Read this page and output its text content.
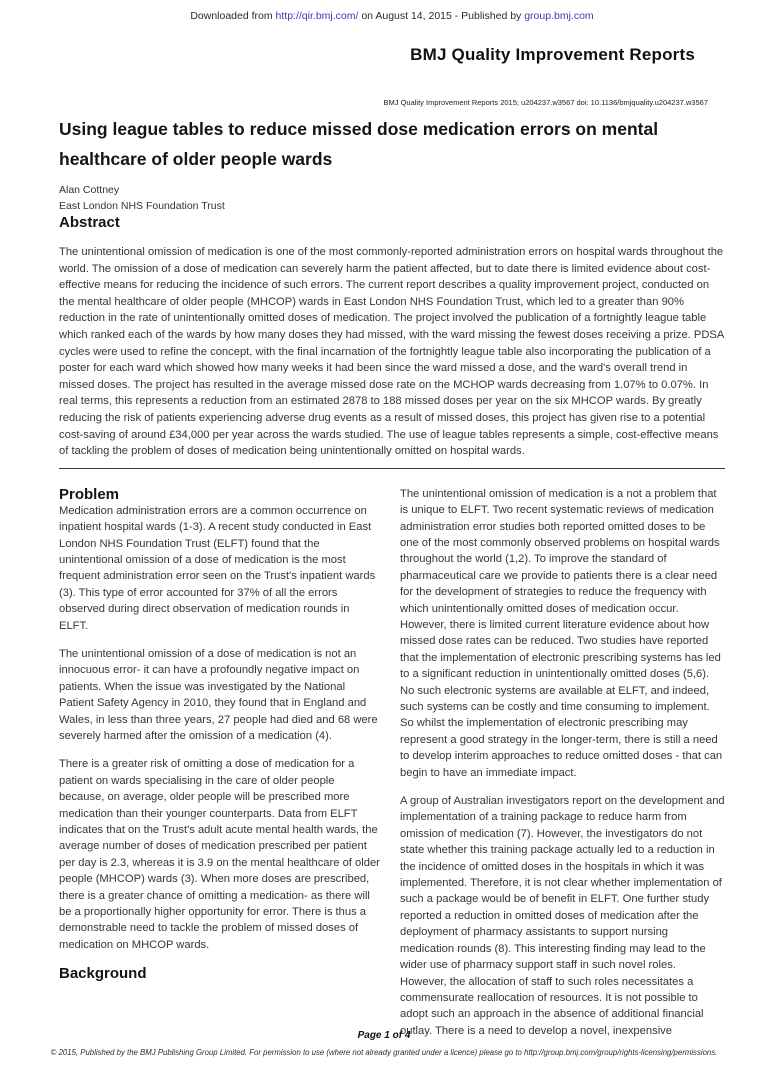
Downloaded from http://qir.bmj.com/ on August 14, 2015 - Published by group.bmj.com
BMJ Quality Improvement Reports
BMJ Quality Improvement Reports 2015; u204237.w3567 doi: 10.1136/bmjquality.u204237.w3567
Using league tables to reduce missed dose medication errors on mental healthcare of older people wards
Alan Cottney
East London NHS Foundation Trust
Abstract
The unintentional omission of medication is one of the most commonly-reported administration errors on hospital wards throughout the world. The omission of a dose of medication can severely harm the patient affected, but to date there is limited evidence about cost-effective means for reducing the incidence of such errors. The current report describes a quality improvement project, conducted on the mental healthcare of older people (MHCOP) wards in East London NHS Foundation Trust, which led to a greater than 90% reduction in the rate of unintentionally omitted doses of medication. The project involved the publication of a fortnightly league table which ranked each of the wards by how many doses they had missed, with the ward missing the fewest doses receiving a prize. PDSA cycles were used to refine the concept, with the final incarnation of the fortnightly league table also incorporating the publication of a poster for each ward which showed how many weeks it had been since the ward missed a dose, and the ward's overall trend in missed doses. The project has resulted in the average missed dose rate on the MCHOP wards decreasing from 1.07% to 0.07%. In real terms, this represents a reduction from an estimated 2878 to 188 missed doses per year on the six MHCOP wards. By greatly reducing the risk of patients experiencing adverse drug events as a result of missed doses, this project has given rise to a potential cost-saving of around £34,000 per year across the wards studied. The use of league tables represents a simple, cost-effective means of tackling the problem of doses of medication being unintentionally omitted on hospital wards.
Problem

Medication administration errors are a common occurrence on inpatient hospital wards (1-3). A recent study conducted in East London NHS Foundation Trust (ELFT) found that the unintentional omission of a dose of medication is the most frequent administration error seen on the Trust's inpatient wards (3). This type of error accounted for 37% of all the errors observed during direct observation of medication rounds in ELFT.

The unintentional omission of a dose of medication is not an innocuous error- it can have a profoundly negative impact on patients. When the issue was investigated by the National Patient Safety Agency in 2010, they found that in England and Wales, in less than three years, 27 people had died and 68 were severely harmed after the omission of a medication (4).

There is a greater risk of omitting a dose of medication for a patient on wards specialising in the care of older people because, on average, older people will be prescribed more medication than their younger counterparts. Data from ELFT indicates that on the Trust's adult acute mental health wards, the average number of doses of medication prescribed per patient per day is 2.3, whereas it is 3.9 on the mental healthcare of older people (MHCOP) wards (3). When more doses are prescribed, there is a greater chance of omitting a medication- as there will be a proportionally higher opportunity for error. There is thus a demonstrable need to tackle the problem of missed doses of medication on MHCOP wards.

Background

The unintentional omission of medication is a not a problem that is unique to ELFT. Two recent systematic reviews of medication administration error studies both reported omitted doses to be one of the most commonly observed problems on hospital wards throughout the world (1,2). To improve the standard of pharmaceutical care we provide to patients there is a clear need for the development of strategies to reduce the frequency with which unintentionally omitted doses of medication occur. However, there is limited current literature evidence about how missed dose rates can be reduced. Two studies have reported that the implementation of electronic prescribing systems has led to a significant reduction in unintentionally omitted doses (5,6). No such electronic systems are available at ELFT, and indeed, such systems can be costly and time consuming to implement. So whilst the implementation of electronic prescribing may represent a good strategy in the longer-term, there is still a need to develop interim approaches to reduce omitted doses - that can begin to have an immediate impact.

A group of Australian investigators report on the development and implementation of a training package to reduce harm from omission of medication (7). However, the investigators do not state whether this training package actually led to a reduction in the incidence of omitted doses in the hospitals in which it was implemented. Therefore, it is not clear whether implementation of such a package would be of benefit in ELFT. One further study reported a reduction in omitted doses of medication after the deployment of pharmacy assistants to support nursing medication rounds (8). This interesting finding may lead to the wider use of pharmacy support staff in such novel roles. However, the allocation of staff to such roles necessitates a commensurate reallocation of resources. It is not possible to adopt such an approach in the absence of additional financial outlay. There is a need to develop a novel, inexpensive

Page 1 of 4
© 2015, Published by the BMJ Publishing Group Limited. For permission to use (where not already granted under a licence) please go to http://group.bmj.com/group/rights-licensing/permissions.
